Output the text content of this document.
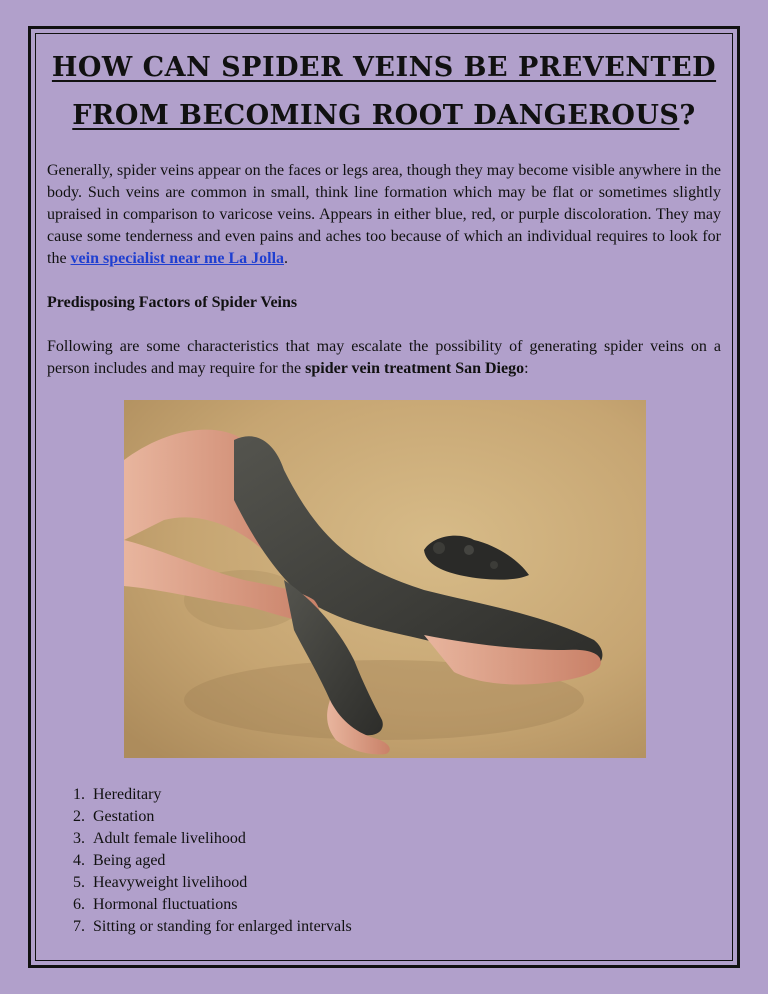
HOW CAN SPIDER VEINS BE PREVENTED
FROM BECOMING ROOT DANGEROUS?

Generally, spider veins appear on the faces or legs area, though they may become visible anywhere in the body. Such veins are common in small, think line formation which may be flat or sometimes slightly upraised in comparison to varicose veins. Appears in either blue, red, or purple discoloration. They may cause some tenderness and even pains and aches too because of which an individual requires to look for the vein specialist near me La Jolla.

Predisposing Factors of Spider Veins

Following are some characteristics that may escalate the possibility of generating spider veins on a person includes and may require for the spider vein treatment San Diego:

1. Hereditary
2. Gestation
3. Adult female livelihood
4. Being aged
5. Heavyweight livelihood
6. Hormonal fluctuations
7. Sitting or standing for enlarged intervals
